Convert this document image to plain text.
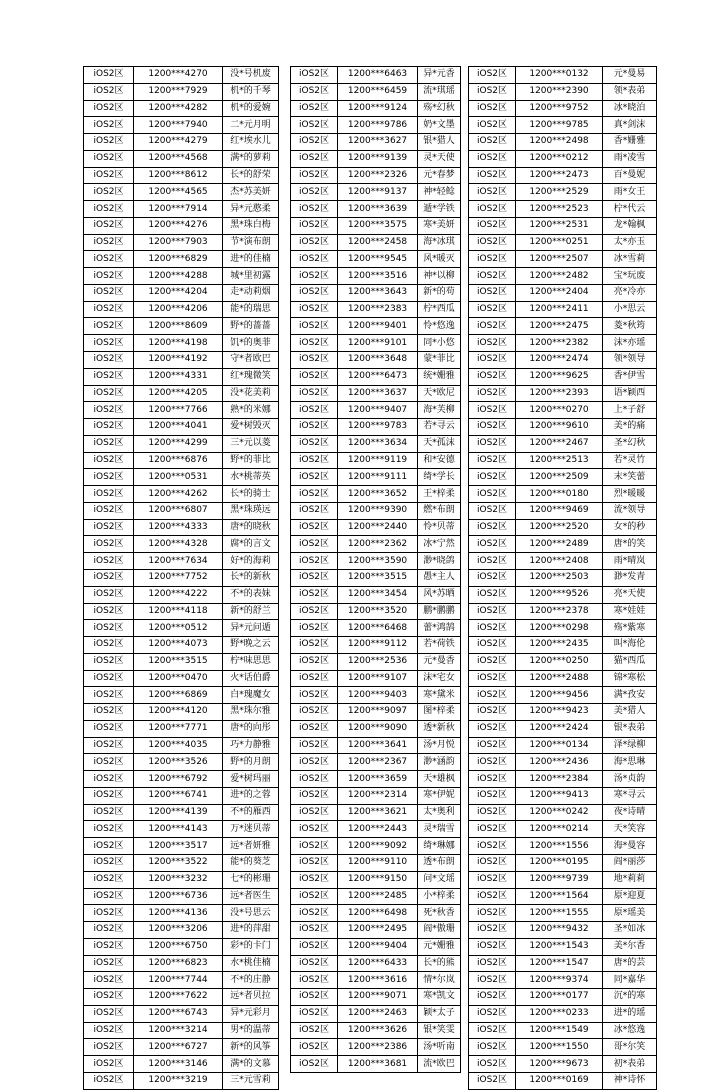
iOS2区	1200***4270	没*号机废
iOS2区	1200***7929	机*的千琴
iOS2区	1200***4282	机*的爱婉
iOS2区	1200***7940	二*元月明
iOS2区	1200***4279	红*埃水儿
iOS2区	1200***4568	满*的萝莉
iOS2区	1200***8612	长*的舒荣
iOS2区	1200***4565	杰*苏美妍
iOS2区	1200***7914	异*元憨柔
iOS2区	1200***4276	黑*珠白梅
iOS2区	1200***7903	节*演布朗
iOS2区	1200***6829	进*的佳楠
iOS2区	1200***4288	城*里初露
iOS2区	1200***4204	走*动莉烟
iOS2区	1200***4206	能*的瑞思
iOS2区	1200***8609	野*的蔷蔷
iOS2区	1200***4198	饥*的奥菲
iOS2区	1200***4192	守*者欧巴
iOS2区	1200***4331	红*瑰微笑
iOS2区	1200***4205	没*花美莉
iOS2区	1200***7766	熟*的米娜
iOS2区	1200***4041	爱*树毁灭
iOS2区	1200***4299	三*元以菱
iOS2区	1200***6876	野*的菲比
iOS2区	1200***0531	水*桃蒂英
iOS2区	1200***4262	长*的骑士
iOS2区	1200***6807	黑*珠瑛远
iOS2区	1200***4333	唐*的晓秋
iOS2区	1200***4328	腐*的言文
iOS2区	1200***7634	好*的海莉
iOS2区	1200***7752	长*的新秋
iOS2区	1200***4222	不*的表妹
iOS2区	1200***4118	新*的舒兰
iOS2区	1200***0512	异*元问遁
iOS2区	1200***4073	野*晚之云
iOS2区	1200***3515	柠*味思思
iOS2区	1200***0470	火*话伯爵
iOS2区	1200***6869	白*瑰魔女
iOS2区	1200***4120	黑*珠尔雅
iOS2区	1200***7771	唐*的向彤
iOS2区	1200***4035	巧*力静雅
iOS2区	1200***3526	野*的月朗
iOS2区	1200***6792	爱*树玛丽
iOS2区	1200***6741	进*的之蓉
iOS2区	1200***4139	不*的雁西
iOS2区	1200***4143	万*迷贝蒂
iOS2区	1200***3517	远*者妍雅
iOS2区	1200***3522	能*的葵芝
iOS2区	1200***3232	七*的彬珊
iOS2区	1200***6736	远*者医生
iOS2区	1200***4136	没*号思云
iOS2区	1200***3206	进*的萍甜
iOS2区	1200***6750	彩*的卡门
iOS2区	1200***6823	水*桃佳楠
iOS2区	1200***7744	不*的庄静
iOS2区	1200***7622	远*者贝拉
iOS2区	1200***6743	异*元彩月
iOS2区	1200***3214	男*的温蒂
iOS2区	1200***6727	新*的风筝
iOS2区	1200***3146	满*的文慕
iOS2区	1200***3219	三*元雪莉
iOS2区	1200***6463	异*元香
iOS2区	1200***6459	流*琪瑶
iOS2区	1200***9124	殇*幻秋
iOS2区	1200***9786	奶*文墨
iOS2区	1200***3627	银*猎人
iOS2区	1200***9139	灵*天使
iOS2区	1200***2326	元*春梦
iOS2区	1200***9137	神*轻鲶
iOS2区	1200***3639	遁*学铁
iOS2区	1200***3575	寒*美妍
iOS2区	1200***2458	海*冰琪
iOS2区	1200***9545	风*暖灭
iOS2区	1200***3516	神*以柳
iOS2区	1200***3643	新*的苟
iOS2区	1200***2383	柠*西瓜
iOS2区	1200***9401	怜*悠逸
iOS2区	1200***9101	同*小悠
iOS2区	1200***3648	蒙*菲比
iOS2区	1200***6473	统*姗雅
iOS2区	1200***3637	天*欧尼
iOS2区	1200***9407	海*芙柳
iOS2区	1200***9783	若*寻云
iOS2区	1200***3634	天*孤沫
iOS2区	1200***9119	和*安德
iOS2区	1200***9111	绮*学长
iOS2区	1200***3652	王*梓柔
iOS2区	1200***9390	燃*布朗
iOS2区	1200***2440	怜*贝蒂
iOS2区	1200***2362	冰*宁然
iOS2区	1200***3590	渺*晓鸽
iOS2区	1200***3515	愚*主人
iOS2区	1200***3454	风*苏晒
iOS2区	1200***3520	鹏*鹏鹏
iOS2区	1200***6468	蕾*鸿鹄
iOS2区	1200***9112	若*荷铁
iOS2区	1200***2536	元*曼香
iOS2区	1200***9107	沫*宅女
iOS2区	1200***9403	寒*黛米
iOS2区	1200***9097	图*梓柔
iOS2区	1200***9090	透*新秋
iOS2区	1200***3641	汤*月悦
iOS2区	1200***2367	渺*涵韵
iOS2区	1200***3659	天*雄枫
iOS2区	1200***2314	寒*伊妮
iOS2区	1200***3621	太*奥利
iOS2区	1200***2443	灵*瑞雪
iOS2区	1200***9092	绮*琳娜
iOS2区	1200***9110	透*布朗
iOS2区	1200***9150	问*文瑶
iOS2区	1200***2485	小*梓柔
iOS2区	1200***6498	死*秋香
iOS2区	1200***2495	阎*傲珊
iOS2区	1200***9404	元*姗雅
iOS2区	1200***6433	长*的熊
iOS2区	1200***3616	情*尔岚
iOS2区	1200***9071	寒*凯文
iOS2区	1200***2463	颖*太子
iOS2区	1200***3626	银*笑雯
iOS2区	1200***2386	汤*听南
iOS2区	1200***3681	流*欧巴
iOS2区	1200***0132	元*曼易
iOS2区	1200***2390	领*表弟
iOS2区	1200***9752	冰*晓泊
iOS2区	1200***9785	真*剑沫
iOS2区	1200***2498	香*姗雅
iOS2区	1200***0212	雨*凌雪
iOS2区	1200***2473	百*曼妮
iOS2区	1200***2529	雨*女王
iOS2区	1200***2523	柠*代云
iOS2区	1200***2531	龙*翰枫
iOS2区	1200***0251	太*亦玉
iOS2区	1200***2507	冰*雪莉
iOS2区	1200***2482	宝*玩废
iOS2区	1200***2404	亮*冷亦
iOS2区	1200***2411	小*思云
iOS2区	1200***2475	菱*秋筠
iOS2区	1200***2382	沫*亦瑶
iOS2区	1200***2474	领*领导
iOS2区	1200***9625	香*伊雪
iOS2区	1200***2393	语*颖西
iOS2区	1200***0270	上*子舒
iOS2区	1200***9610	美*的痛
iOS2区	1200***2467	圣*幻秋
iOS2区	1200***2513	若*灵竹
iOS2区	1200***2509	末*笑蕾
iOS2区	1200***0180	烈*暖暖
iOS2区	1200***9469	流*领导
iOS2区	1200***2520	女*的秒
iOS2区	1200***2489	唐*的笑
iOS2区	1200***2408	雨*晴岚
iOS2区	1200***2503	渺*发青
iOS2区	1200***9526	亮*天使
iOS2区	1200***2378	寒*娃娃
iOS2区	1200***0298	殇*紫寒
iOS2区	1200***2435	叫*海伦
iOS2区	1200***0250	猫*西瓜
iOS2区	1200***2488	锦*寒松
iOS2区	1200***9456	满*孜安
iOS2区	1200***9423	美*猎人
iOS2区	1200***2424	银*表弟
iOS2区	1200***0134	泽*绿柳
iOS2区	1200***2436	海*思琳
iOS2区	1200***2384	汤*贞韵
iOS2区	1200***9413	寒*寻云
iOS2区	1200***0242	夜*诗晴
iOS2区	1200***0214	天*笑容
iOS2区	1200***1556	海*曼容
iOS2区	1200***0195	阎*丽莎
iOS2区	1200***9739	地*莉莉
iOS2区	1200***1564	原*迎夏
iOS2区	1200***1555	原*瑶美
iOS2区	1200***9432	圣*如冰
iOS2区	1200***1543	美*尔香
iOS2区	1200***1547	唐*的芸
iOS2区	1200***9374	同*嘉华
iOS2区	1200***0177	沉*的寒
iOS2区	1200***0233	进*的瑶
iOS2区	1200***1549	冰*悠逸
iOS2区	1200***1550	哥*尔笑
iOS2区	1200***9673	初*表弟
iOS2区	1200***0169	神*诗怀
